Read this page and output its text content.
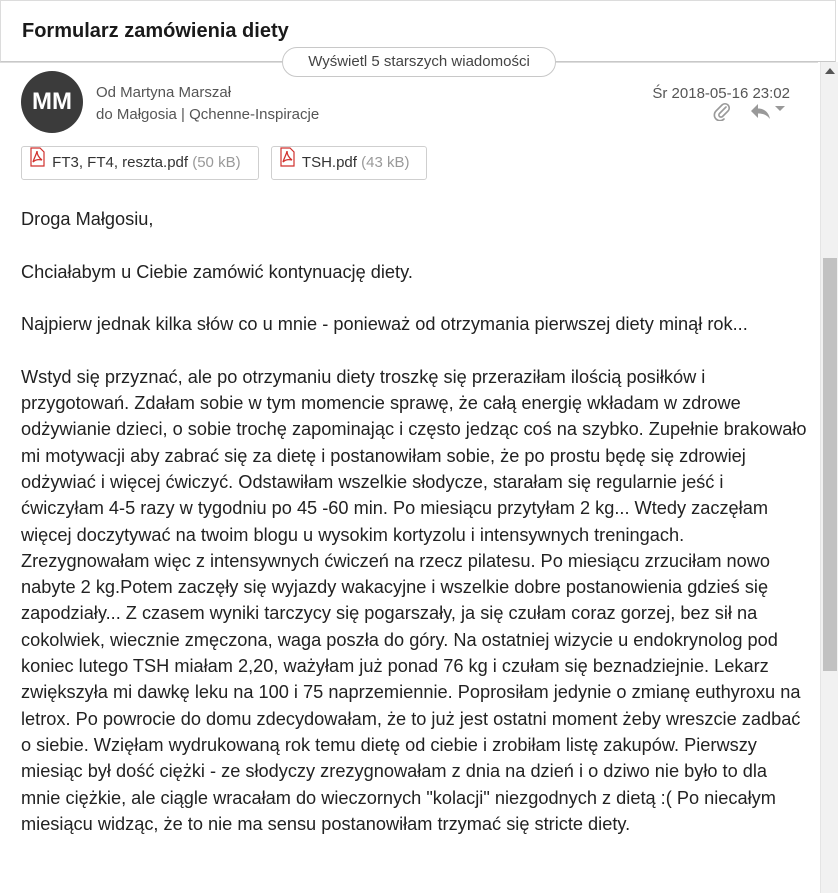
Formularz zamówienia diety
Wyświetl 5 starszych wiadomości
MM	Od Martyna Marszał
do Małgosia | Qchenne-Inspiracje
Śr 2018-05-16 23:02
FT3, FT4, reszta.pdf (50 kB)	TSH.pdf (43 kB)

Droga Małgosiu,

Chciałabym u Ciebie zamówić kontynuację diety.

Najpierw jednak kilka słów co u mnie - ponieważ od otrzymania pierwszej diety minął rok...

Wstyd się przyznać, ale po otrzymaniu diety troszkę się przeraziłam ilością posiłków i przygotowań. Zdałam sobie w tym momencie sprawę, że całą energię wkładam w zdrowe odżywianie dzieci, o sobie trochę zapominając i często jedząc coś na szybko. Zupełnie brakowało mi motywacji aby zabrać się za dietę i postanowiłam sobie, że po prostu będę się zdrowiej odżywiać i więcej ćwiczyć. Odstawiłam wszelkie słodycze, starałam się regularnie jeść i ćwiczyłam 4-5 razy w tygodniu po 45 -60 min. Po miesiącu przytyłam 2 kg... Wtedy zaczęłam więcej doczytywać na twoim blogu u wysokim kortyzolu i intensywnych treningach. Zrezygnowałam więc z intensywnych ćwiczeń na rzecz pilatesu. Po miesiącu zrzuciłam nowo nabyte 2 kg.Potem zaczęły się wyjazdy wakacyjne i wszelkie dobre postanowienia gdzieś się zapodziały... Z czasem wyniki tarczycy się pogarszały, ja się czułam coraz gorzej, bez sił na cokolwiek, wiecznie zmęczona, waga poszła do góry. Na ostatniej wizycie u endokrynolog pod koniec lutego TSH miałam 2,20, ważyłam już ponad 76 kg i czułam się beznadziejnie. Lekarz zwiększyła mi dawkę leku na 100 i 75 naprzemiennie. Poprosiłam jedynie o zmianę euthyroxu na letrox. Po powrocie do domu zdecydowałam, że to już jest ostatni moment żeby wreszcie zadbać o siebie. Wzięłam wydrukowaną rok temu dietę od ciebie i zrobiłam listę zakupów. Pierwszy miesiąc był dość ciężki - ze słodyczy zrezygnowałam z dnia na dzień i o dziwo nie było to dla mnie ciężkie, ale ciągle wracałam do wieczornych "kolacji" niezgodnych z dietą :( Po niecałym miesiącu widząc, że to nie ma sensu postanowiłam trzymać się stricte diety.
